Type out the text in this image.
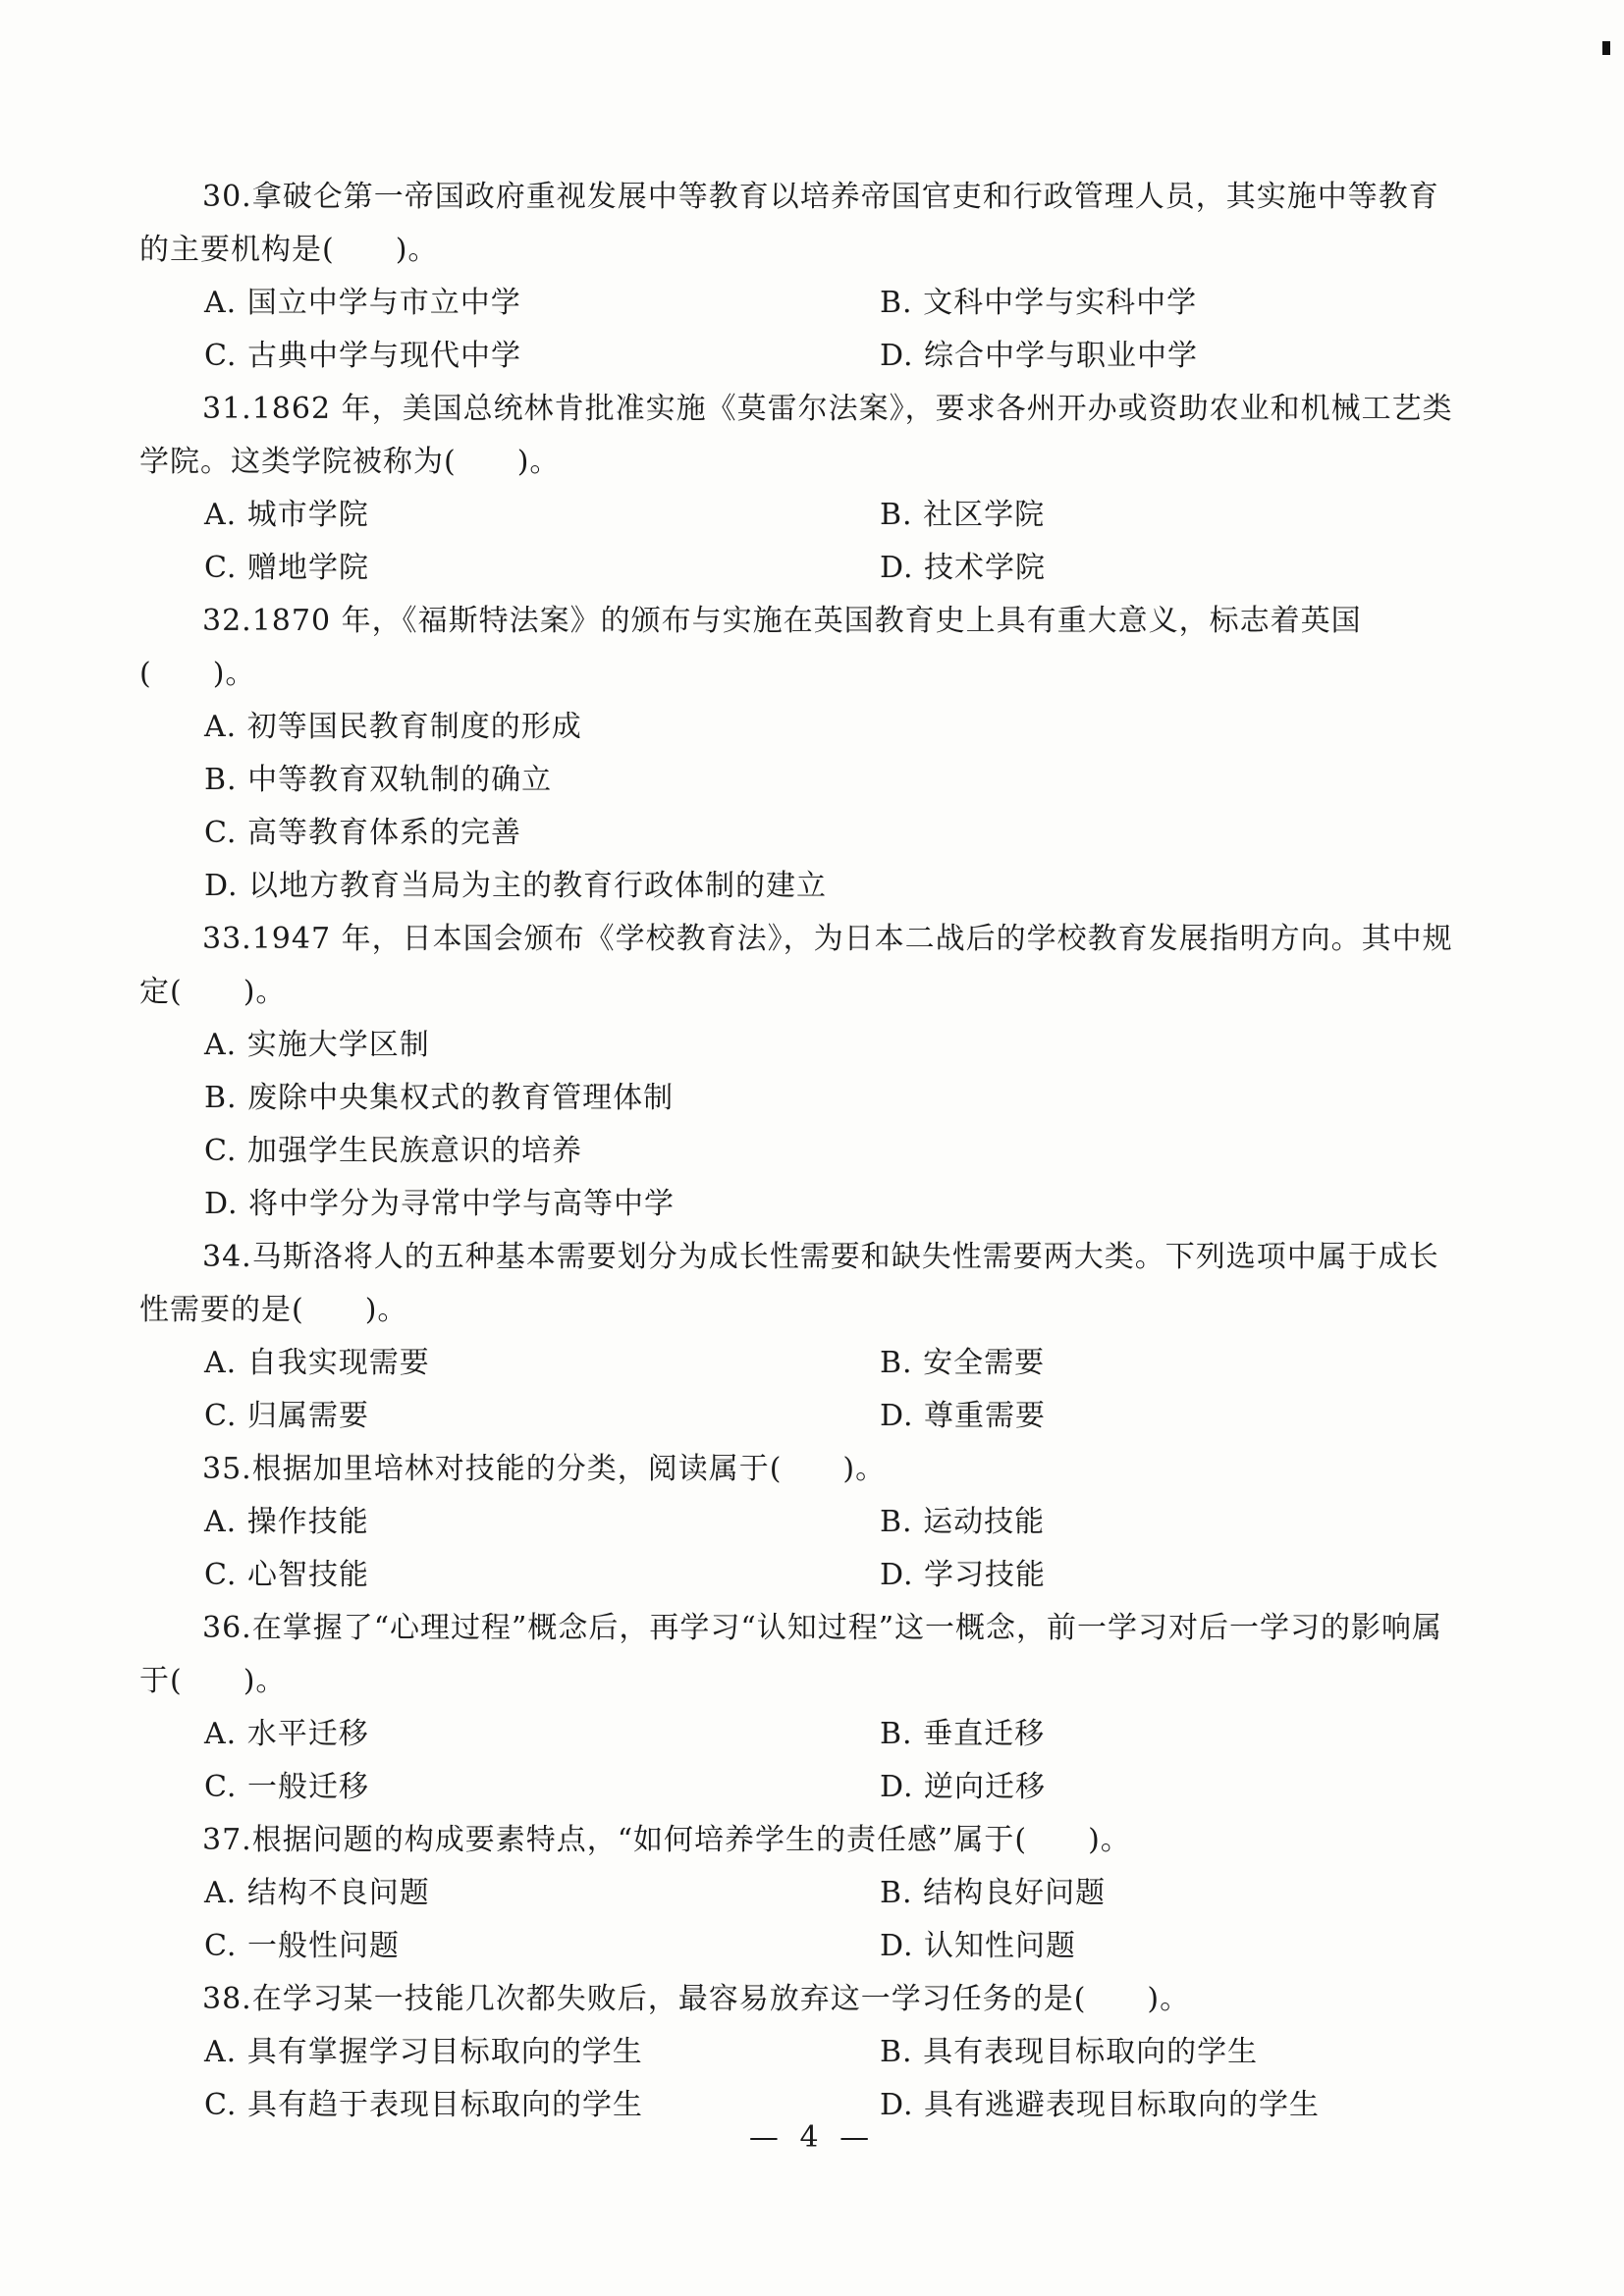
30.拿破仑第一帝国政府重视发展中等教育以培养帝国官吏和行政管理人员，其实施中等教育的主要机构是(　　)。

A. 国立中学与市立中学	B. 文科中学与实科中学
C. 古典中学与现代中学	D. 综合中学与职业中学

31.1862 年，美国总统林肯批准实施《莫雷尔法案》，要求各州开办或资助农业和机械工艺类学院。这类学院被称为(　　)。

A. 城市学院	B. 社区学院
C. 赠地学院	D. 技术学院

32.1870 年，《福斯特法案》的颁布与实施在英国教育史上具有重大意义，标志着英国(　　)。

A. 初等国民教育制度的形成
B. 中等教育双轨制的确立
C. 高等教育体系的完善
D. 以地方教育当局为主的教育行政体制的建立

33.1947 年，日本国会颁布《学校教育法》，为日本二战后的学校教育发展指明方向。其中规定(　　)。

A. 实施大学区制
B. 废除中央集权式的教育管理体制
C. 加强学生民族意识的培养
D. 将中学分为寻常中学与高等中学

34.马斯洛将人的五种基本需要划分为成长性需要和缺失性需要两大类。下列选项中属于成长性需要的是(　　)。

A. 自我实现需要	B. 安全需要
C. 归属需要	D. 尊重需要

35.根据加里培林对技能的分类，阅读属于(　　)。

A. 操作技能	B. 运动技能
C. 心智技能	D. 学习技能

36.在掌握了“心理过程”概念后，再学习“认知过程”这一概念，前一学习对后一学习的影响属于(　　)。

A. 水平迁移	B. 垂直迁移
C. 一般迁移	D. 逆向迁移

37.根据问题的构成要素特点，“如何培养学生的责任感”属于(　　)。

A. 结构不良问题	B. 结构良好问题
C. 一般性问题	D. 认知性问题

38.在学习某一技能几次都失败后，最容易放弃这一学习任务的是(　　)。

A. 具有掌握学习目标取向的学生	B. 具有表现目标取向的学生
C. 具有趋于表现目标取向的学生	D. 具有逃避表现目标取向的学生
— 4 —
